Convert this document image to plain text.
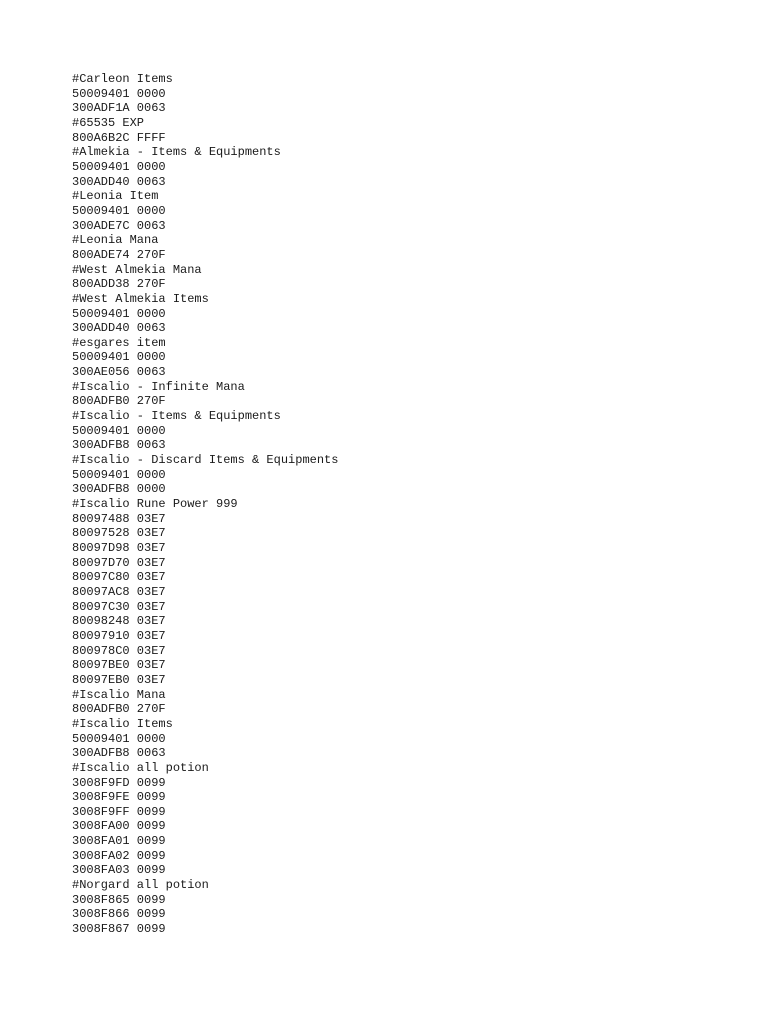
#Carleon Items
50009401 0000
300ADF1A 0063
#65535 EXP
800A6B2C FFFF
#Almekia - Items & Equipments
50009401 0000
300ADD40 0063
#Leonia Item
50009401 0000
300ADE7C 0063
#Leonia Mana
800ADE74 270F
#West Almekia Mana
800ADD38 270F
#West Almekia Items
50009401 0000
300ADD40 0063
#esgares item
50009401 0000
300AE056 0063
#Iscalio - Infinite Mana
800ADFB0 270F
#Iscalio - Items & Equipments
50009401 0000
300ADFB8 0063
#Iscalio - Discard Items & Equipments
50009401 0000
300ADFB8 0000
#Iscalio Rune Power 999
80097488 03E7
80097528 03E7
80097D98 03E7
80097D70 03E7
80097C80 03E7
80097AC8 03E7
80097C30 03E7
80098248 03E7
80097910 03E7
800978C0 03E7
80097BE0 03E7
80097EB0 03E7
#Iscalio Mana
800ADFB0 270F
#Iscalio Items
50009401 0000
300ADFB8 0063
#Iscalio all potion
3008F9FD 0099
3008F9FE 0099
3008F9FF 0099
3008FA00 0099
3008FA01 0099
3008FA02 0099
3008FA03 0099
#Norgard all potion
3008F865 0099
3008F866 0099
3008F867 0099
